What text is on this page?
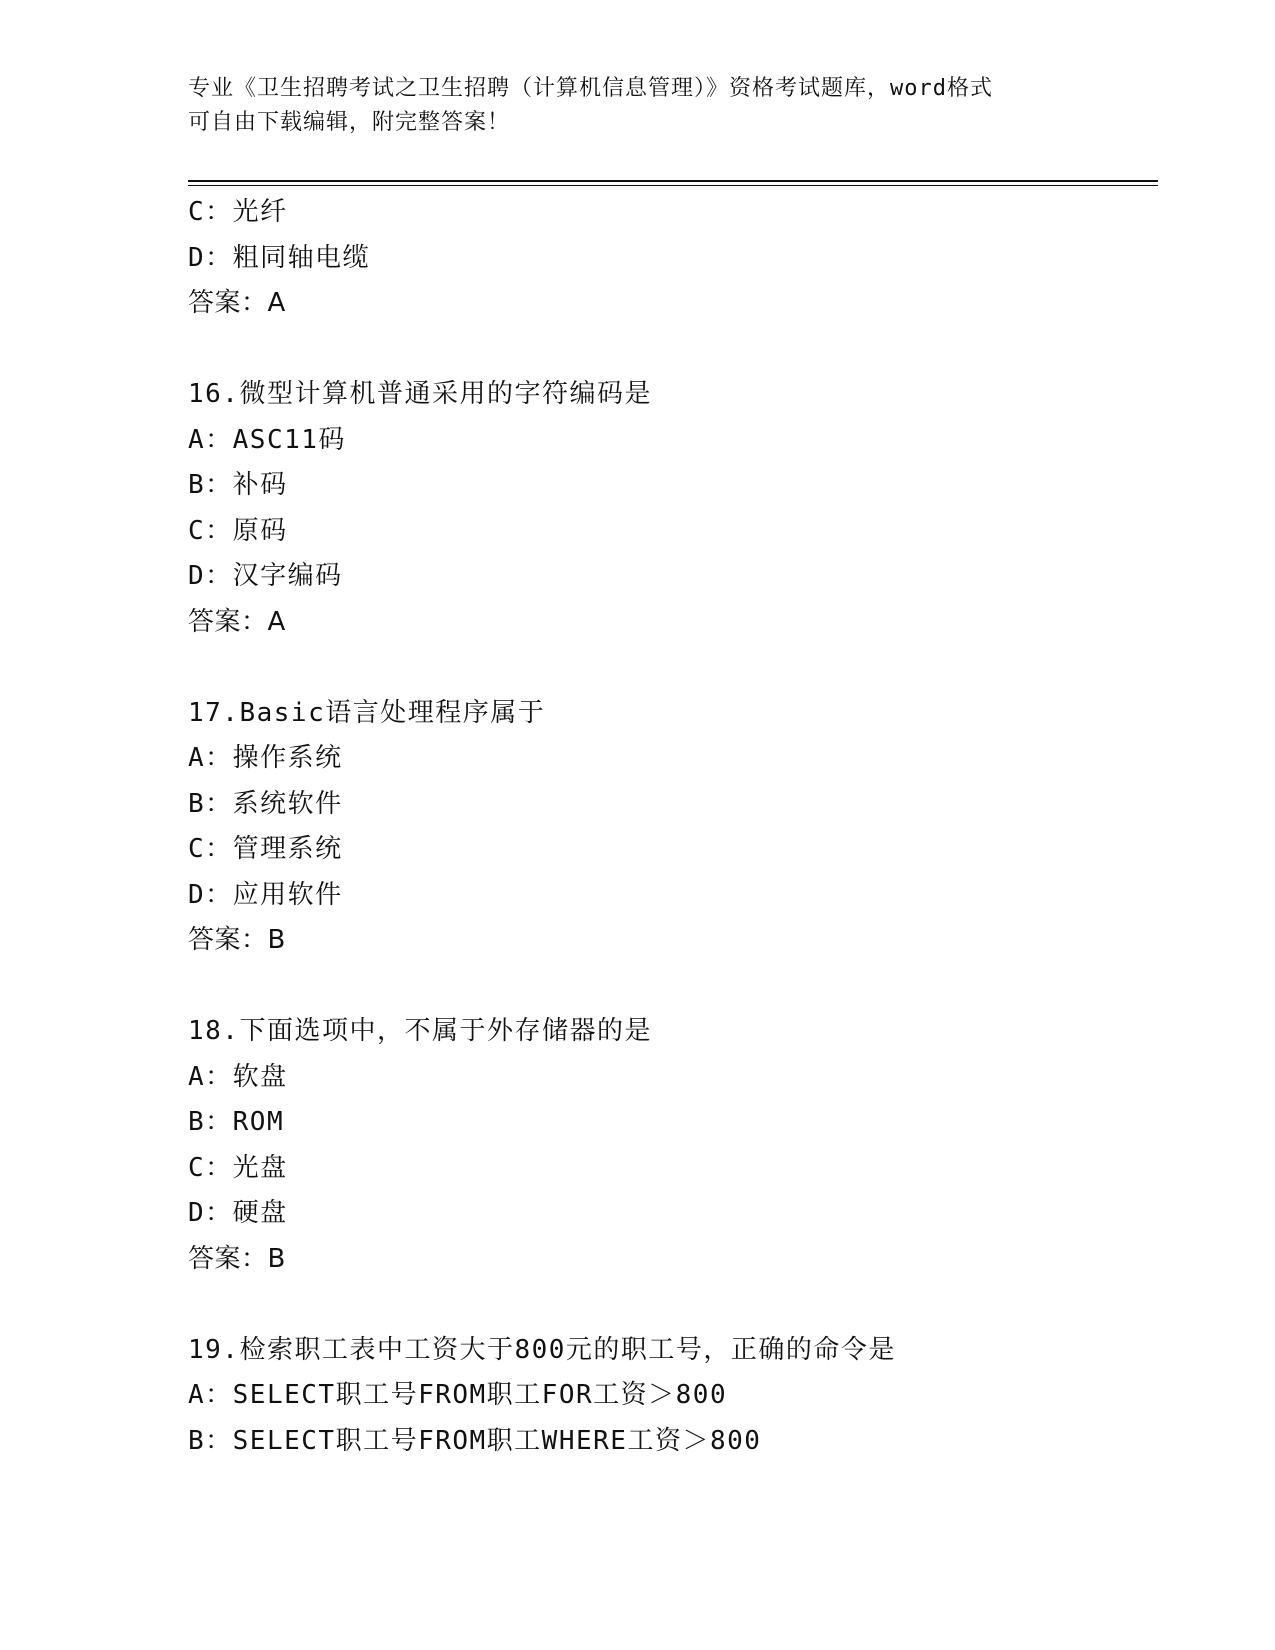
专业《卫生招聘考试之卫生招聘（计算机信息管理）》资格考试题库，word格式
可自由下载编辑，附完整答案！
C：光纤
D：粗同轴电缆
答案：A
16.微型计算机普通采用的字符编码是
A：ASC11码
B：补码
C：原码
D：汉字编码
答案：A
17.Basic语言处理程序属于
A：操作系统
B：系统软件
C：管理系统
D：应用软件
答案：B
18.下面选项中，不属于外存储器的是
A：软盘
B：ROM
C：光盘
D：硬盘
答案：B
19.检索职工表中工资大于800元的职工号，正确的命令是
A：SELECT职工号FROM职工FOR工资＞800
B：SELECT职工号FROM职工WHERE工资＞800
